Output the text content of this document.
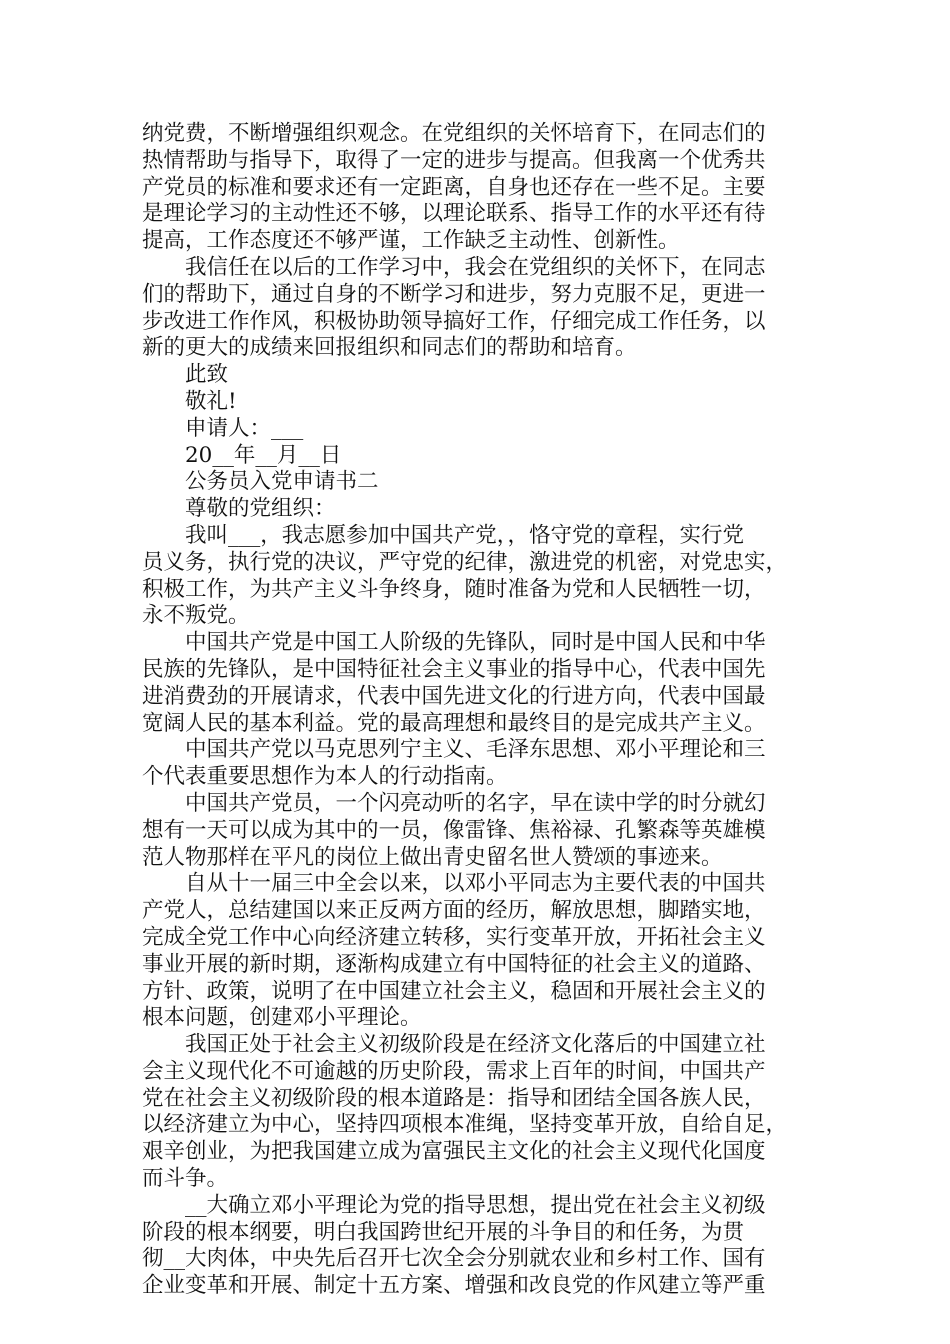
纳党费，不断增强组织观念。在党组织的关怀培育下，在同志们的
热情帮助与指导下，取得了一定的进步与提高。但我离一个优秀共
产党员的标准和要求还有一定距离，自身也还存在一些不足。主要
是理论学习的主动性还不够，以理论联系、指导工作的水平还有待
提高，工作态度还不够严谨，工作缺乏主动性、创新性。

　　我信任在以后的工作学习中，我会在党组织的关怀下，在同志
们的帮助下，通过自身的不断学习和进步，努力克服不足，更进一
步改进工作作风，积极协助领导搞好工作，仔细完成工作任务，以
新的更大的成绩来回报组织和同志们的帮助和培育。

　　此致

　　敬礼!

　　申请人：___

　　20__年__月__日

　　公务员入党申请书二

　　尊敬的党组织：

　　我叫___，我志愿参加中国共产党，，恪守党的章程，实行党
员义务，执行党的决议，严守党的纪律，激进党的机密，对党忠实，
积极工作，为共产主义斗争终身，随时准备为党和人民牺牲一切，
永不叛党。

　　中国共产党是中国工人阶级的先锋队，同时是中国人民和中华
民族的先锋队，是中国特征社会主义事业的指导中心，代表中国先
进消费劲的开展请求，代表中国先进文化的行进方向，代表中国最
宽阔人民的基本利益。党的最高理想和最终目的是完成共产主义。

　　中国共产党以马克思列宁主义、毛泽东思想、邓小平理论和三
个代表重要思想作为本人的行动指南。

　　中国共产党员，一个闪亮动听的名字，早在读中学的时分就幻
想有一天可以成为其中的一员，像雷锋、焦裕禄、孔繁森等英雄模
范人物那样在平凡的岗位上做出青史留名世人赞颂的事迹来。

　　自从十一届三中全会以来，以邓小平同志为主要代表的中国共
产党人，总结建国以来正反两方面的经历，解放思想，脚踏实地，
完成全党工作中心向经济建立转移，实行变革开放，开拓社会主义
事业开展的新时期，逐渐构成建立有中国特征的社会主义的道路、
方针、政策，说明了在中国建立社会主义，稳固和开展社会主义的
根本问题，创建邓小平理论。

　　我国正处于社会主义初级阶段是在经济文化落后的中国建立社
会主义现代化不可逾越的历史阶段，需求上百年的时间，中国共产
党在社会主义初级阶段的根本道路是：指导和团结全国各族人民，
以经济建立为中心，坚持四项根本准绳，坚持变革开放，自给自足，
艰辛创业，为把我国建立成为富强民主文化的社会主义现代化国度
而斗争。

　　__大确立邓小平理论为党的指导思想，提出党在社会主义初级
阶段的根本纲要，明白我国跨世纪开展的斗争目的和任务，为贯
彻__大肉体，中央先后召开七次全会分别就农业和乡村工作、国有
企业变革和开展、制定十五方案、增强和改良党的作风建立等严重
